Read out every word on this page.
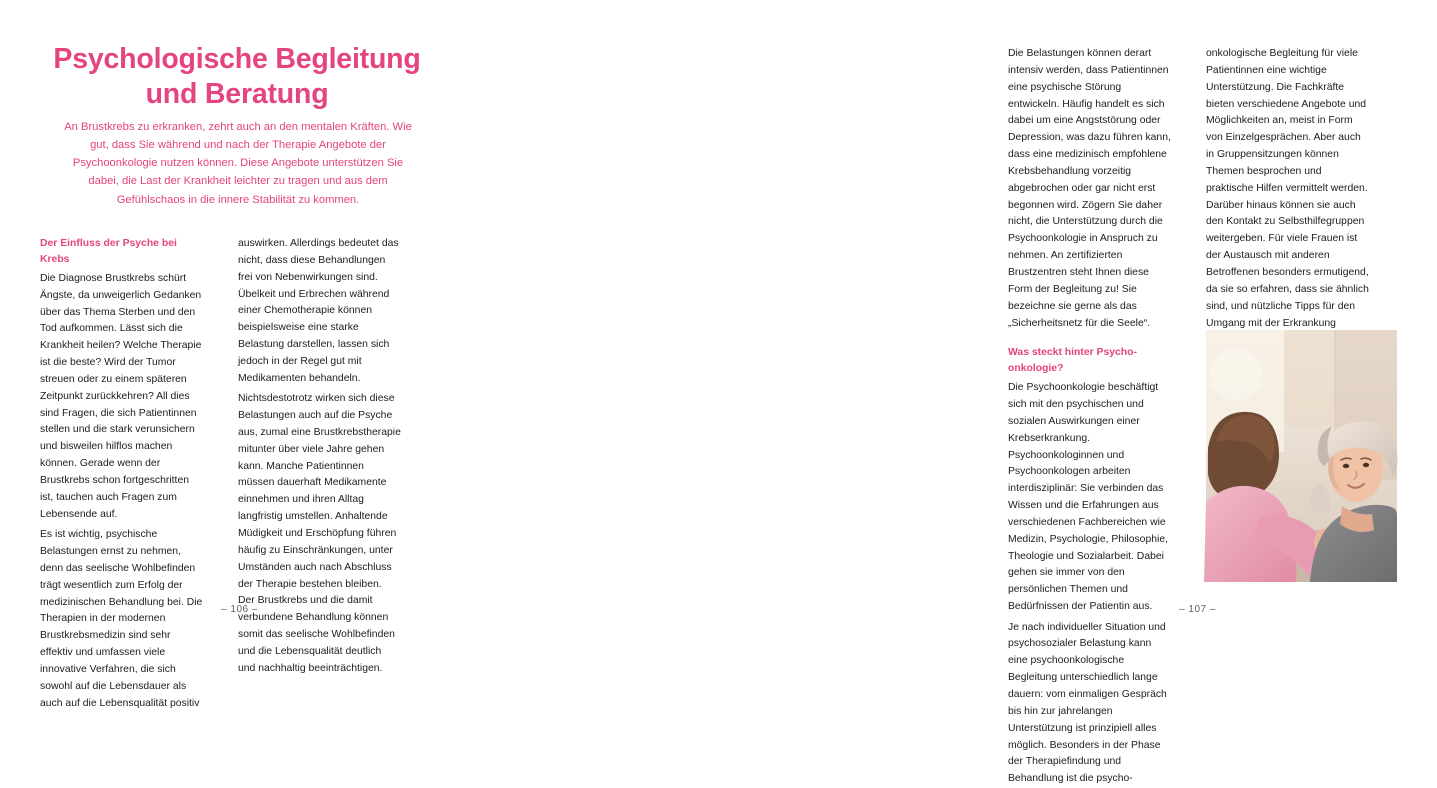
Psychologische Begleitung
und Beratung
An Brustkrebs zu erkranken, zehrt auch an den mentalen Kräften. Wie gut, dass Sie während und nach der Therapie Angebote der Psychoonkologie nutzen können. Diese Angebote unterstützen Sie dabei, die Last der Krankheit leichter zu tragen und aus dem Gefühlschaos in die innere Stabilität zu kommen.

Der Einfluss der Psyche bei Krebs

Die Diagnose Brustkrebs schürt Ängste, da unweigerlich Gedanken über das Thema Sterben und den Tod aufkommen. Lässt sich die Krankheit heilen? Welche Therapie ist die beste? Wird der Tumor streuen oder zu einem späteren Zeitpunkt zurückkehren? All dies sind Fragen, die sich Patientinnen stellen und die stark verunsichern und bisweilen hilflos machen können. Gerade wenn der Brustkrebs schon fortgeschritten ist, tauchen auch Fragen zum Lebensende auf.

Es ist wichtig, psychische Belastungen ernst zu nehmen, denn das seelische Wohlbefinden trägt wesentlich zum Erfolg der medizinischen Behandlung bei. Die Therapien in der modernen Brustkrebsmedizin sind sehr effektiv und umfassen viele innovative Verfahren, die sich sowohl auf die Lebensdauer als auch auf die Lebensqualität positiv

auswirken. Allerdings bedeutet das nicht, dass diese Behandlungen frei von Nebenwirkungen sind. Übelkeit und Erbrechen während einer Chemotherapie können beispielsweise eine starke Belastung darstellen, lassen sich jedoch in der Regel gut mit Medikamenten behandeln.

Nichtsdestotrotz wirken sich diese Belastungen auch auf die Psyche aus, zumal eine Brustkrebstherapie mitunter über viele Jahre gehen kann. Manche Patientinnen müssen dauerhaft Medikamente einnehmen und ihren Alltag langfristig umstellen. Anhaltende Müdigkeit und Erschöpfung führen häufig zu Einschränkungen, unter Umständen auch nach Abschluss der Therapie bestehen bleiben. Der Brustkrebs und die damit verbundene Behandlung können somit das seelische Wohlbefinden und die Lebensqualität deutlich und nachhaltig beeinträchtigen.

– 106 –

Die Belastungen können derart intensiv werden, dass Patientinnen eine psychische Störung entwickeln. Häufig handelt es sich dabei um eine Angststörung oder Depression, was dazu führen kann, dass eine medizinisch empfohlene Krebsbehandlung vorzeitig abgebrochen oder gar nicht erst begonnen wird. Zögern Sie daher nicht, die Unterstützung durch die Psychoonkologie in Anspruch zu nehmen. An zertifizierten Brustzentren steht Ihnen diese Form der Begleitung zu! Sie bezeichne sie gerne als das „Sicherheitsnetz für die Seele“.

Was steckt hinter Psycho-onkologie?

Die Psychoonkologie beschäftigt sich mit den psychischen und sozialen Auswirkungen einer Krebserkrankung. Psychoonkologinnen und Psychoonkologen arbeiten interdisziplinär: Sie verbinden das Wissen und die Erfahrungen aus verschiedenen Fachbereichen wie Medizin, Psychologie, Philosophie, Theologie und Sozialarbeit. Dabei gehen sie immer von den persönlichen Themen und Bedürfnissen der Patientin aus.

Je nach individueller Situation und psychosozialer Belastung kann eine psychoonkologische Begleitung unterschiedlich lange dauern: vom einmaligen Gespräch bis hin zur jahrelangen Unterstützung ist prinzipiell alles möglich. Besonders in der Phase der Therapiefindung und Behandlung ist die psycho-

onkologische Begleitung für viele Patientinnen eine wichtige Unterstützung. Die Fachkräfte bieten verschiedene Angebote und Möglichkeiten an, meist in Form von Einzelgesprächen. Aber auch in Gruppensitzungen können Themen besprochen und praktische Hilfen vermittelt werden. Darüber hinaus können sie auch den Kontakt zu Selbsthilfegruppen weitergeben. Für viele Frauen ist der Austausch mit anderen Betroffenen besonders ermutigend, da sie so erfahren, dass sie ähnlich sind, und nützliche Tipps für den Umgang mit der Erkrankung

– 107 –
